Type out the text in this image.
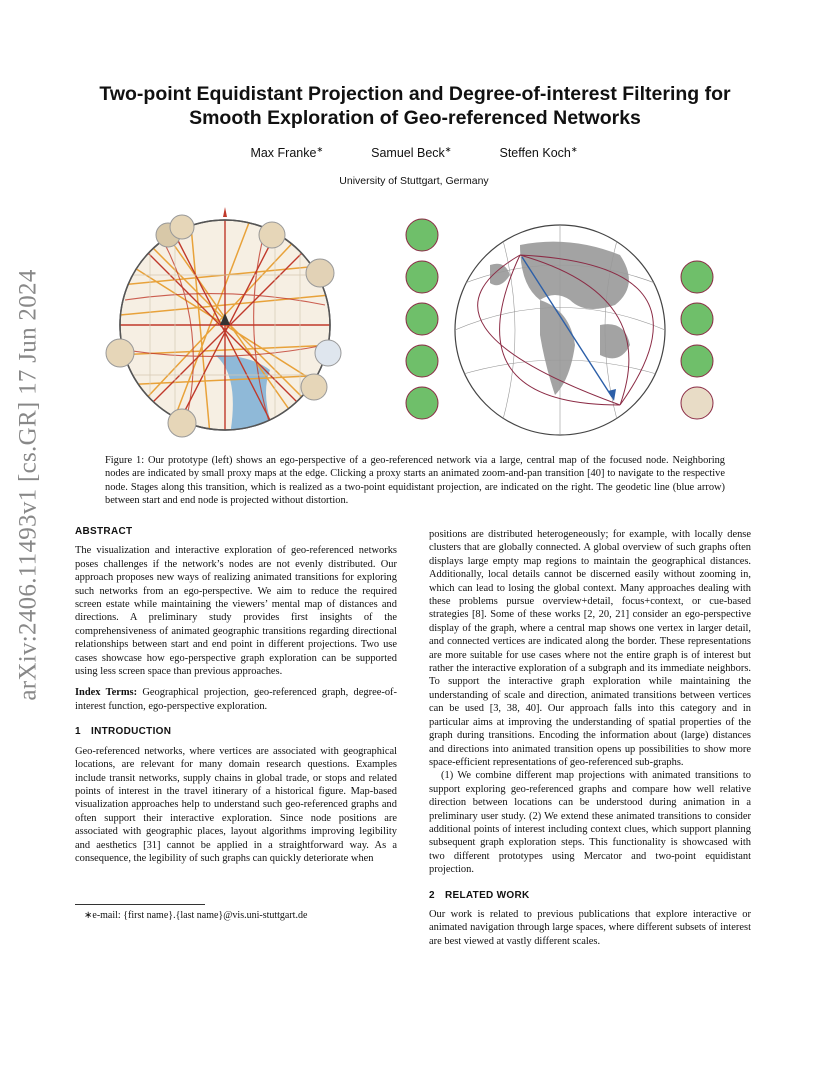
arXiv:2406.11493v1 [cs.GR] 17 Jun 2024
Two-point Equidistant Projection and Degree-of-interest Filtering for Smooth Exploration of Geo-referenced Networks
Max Franke∗	Samuel Beck∗	Steffen Koch∗
University of Stuttgart, Germany

Figure 1: Our prototype (left) shows an ego-perspective of a geo-referenced network via a large, central map of the focused node. Neighboring nodes are indicated by small proxy maps at the edge. Clicking a proxy starts an animated zoom-and-pan transition [40] to navigate to the respective node. Stages along this transition, which is realized as a two-point equidistant projection, are indicated on the right. The geodetic line (blue arrow) between start and end node is projected without distortion.

ABSTRACT

The visualization and interactive exploration of geo-referenced networks poses challenges if the network’s nodes are not evenly distributed. Our approach proposes new ways of realizing animated transitions for exploring such networks from an ego-perspective. We aim to reduce the required screen estate while maintaining the viewers’ mental map of distances and directions. A preliminary study provides first insights of the comprehensiveness of animated geographic transitions regarding directional relationships between start and end point in different projections. Two use cases showcase how ego-perspective graph exploration can be supported using less screen space than previous approaches.

Index Terms: Geographical projection, geo-referenced graph, degree-of-interest function, ego-perspective exploration.

1 INTRODUCTION

Geo-referenced networks, where vertices are associated with geographical locations, are relevant for many domain research questions. Examples include transit networks, supply chains in global trade, or stops and related points of interest in the travel itinerary of a historical figure. Map-based visualization approaches help to understand such geo-referenced graphs and often support their interactive exploration. Since node positions are associated with geographic places, layout algorithms improving legibility and aesthetics [31] cannot be applied in a straightforward way. As a consequence, the legibility of such graphs can quickly deteriorate when

positions are distributed heterogeneously; for example, with locally dense clusters that are globally connected. A global overview of such graphs often displays large empty map regions to maintain the geographical distances. Additionally, local details cannot be discerned easily without zooming in, which can lead to losing the global context. Many approaches dealing with these problems pursue overview+detail, focus+context, or cue-based strategies [8]. Some of these works [2, 20, 21] consider an ego-perspective display of the graph, where a central map shows one vertex in larger detail, and connected vertices are indicated along the border. These representations are more suitable for use cases where not the entire graph is of interest but rather the interactive exploration of a subgraph and its immediate neighbors. To support the interactive graph exploration while maintaining the understanding of scale and direction, animated transitions between vertices can be used [3, 38, 40]. Our approach falls into this category and in particular aims at improving the understanding of spatial properties of the graph during transitions. Encoding the information about (large) distances and directions into animated transition opens up possibilities to show more space-efficient representations of geo-referenced sub-graphs.

(1) We combine different map projections with animated transitions to support exploring geo-referenced graphs and compare how well relative direction between locations can be understood during animation in a preliminary user study. (2) We extend these animated transitions to consider additional points of interest including context clues, which support planning subsequent graph exploration steps. This functionality is showcased with two different prototypes using Mercator and two-point equidistant projection.

2 RELATED WORK

Our work is related to previous publications that explore interactive or animated navigation through large spaces, where different subsets of interest are best viewed at vastly different scales.

∗e-mail: {first name}.{last name}@vis.uni-stuttgart.de
